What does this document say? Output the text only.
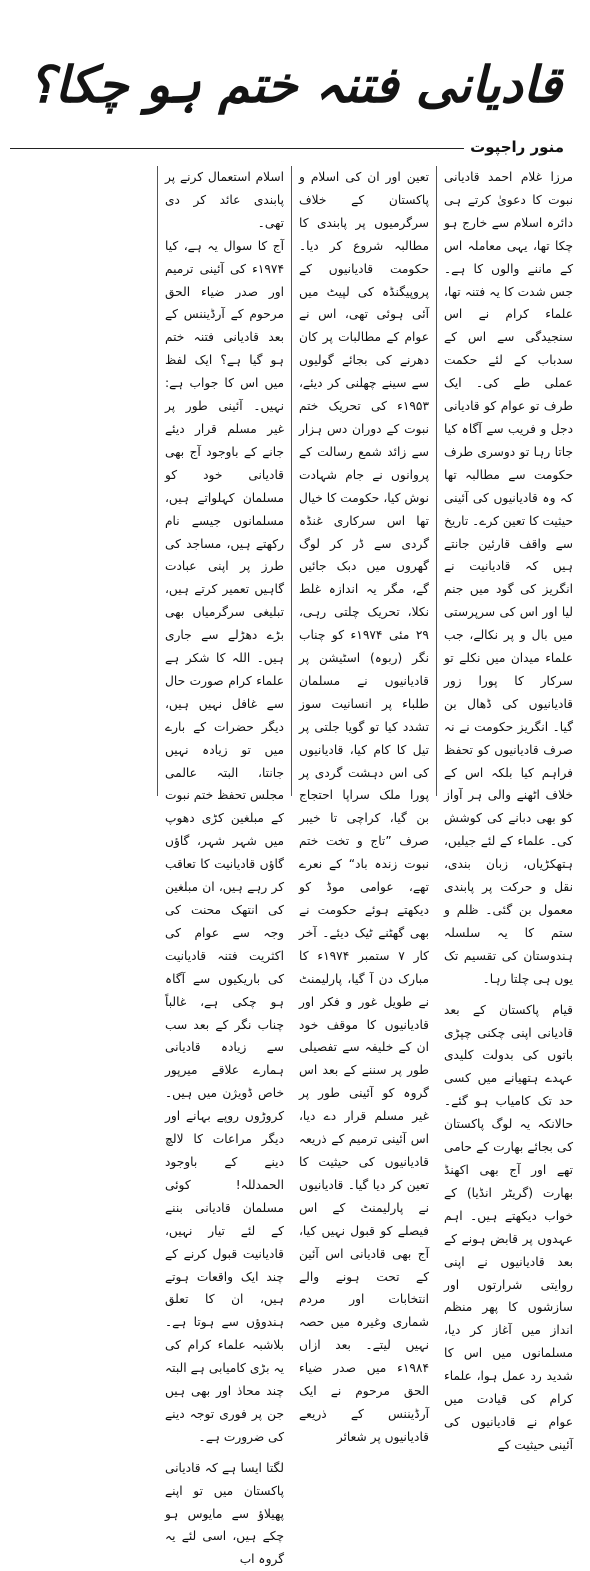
قادیانی فتنہ ختم ہو چکا؟
منور راجپوت

مرزا غلام احمد قادیانی نبوت کا دعویٰ کرتے ہی دائرہ اسلام سے خارج ہو چکا تھا، یہی معاملہ اس کے ماننے والوں کا ہے۔ جس شدت کا یہ فتنہ تھا، علماء کرام نے اس سنجیدگی سے اس کے سدباب کے لئے حکمت عملی طے کی۔ ایک طرف تو عوام کو قادیانی دجل و فریب سے آگاہ کیا جاتا رہا تو دوسری طرف حکومت سے مطالبہ تھا کہ وہ قادیانیوں کی آئینی حیثیت کا تعین کرے۔ تاریخ سے واقف قارئین جانتے ہیں کہ قادیانیت نے انگریز کی گود میں جنم لیا اور اس کی سرپرستی میں بال و پر نکالے، جب علماء میدان میں نکلے تو سرکار کا پورا زور قادیانیوں کی ڈھال بن گیا۔ انگریز حکومت نے نہ صرف قادیانیوں کو تحفظ فراہم کیا بلکہ اس کے خلاف اٹھنے والی ہر آواز کو بھی دبانے کی کوشش کی۔ علماء کے لئے جیلیں، ہتھکڑیاں، زبان بندی، نقل و حرکت پر پابندی معمول بن گئی۔ ظلم و ستم کا یہ سلسلہ ہندوستان کی تقسیم تک یوں ہی چلتا رہا۔

قیام پاکستان کے بعد قادیانی اپنی چکنی چپڑی باتوں کی بدولت کلیدی عہدے ہتھیانے میں کسی حد تک کامیاب ہو گئے۔ حالانکہ یہ لوگ پاکستان کی بجائے بھارت کے حامی تھے اور آج بھی اکھنڈ بھارت (گریٹر انڈیا) کے خواب دیکھتے ہیں۔ اہم عہدوں پر قابض ہونے کے بعد قادیانیوں نے اپنی روایتی شرارتوں اور سازشوں کا پھر منظم انداز میں آغاز کر دیا، مسلمانوں میں اس کا شدید رد عمل ہوا، علماء کرام کی قیادت میں عوام نے قادیانیوں کی آئینی حیثیت کے

تعین اور ان کی اسلام و پاکستان کے خلاف سرگرمیوں پر پابندی کا مطالبہ شروع کر دیا۔ حکومت قادیانیوں کے پروپیگنڈہ کی لپیٹ میں آئی ہوئی تھی، اس نے عوام کے مطالبات پر کان دھرنے کی بجائے گولیوں سے سینے چھلنی کر دیئے، ۱۹۵۳ء کی تحریک ختم نبوت کے دوران دس ہزار سے زائد شمع رسالت کے پروانوں نے جام شہادت نوش کیا، حکومت کا خیال تھا اس سرکاری غنڈہ گردی سے ڈر کر لوگ گھروں میں دبک جائیں گے، مگر یہ اندازہ غلط نکلا، تحریک چلتی رہی، ۲۹ مئی ۱۹۷۴ء کو چناب نگر (ربوہ) اسٹیشن پر قادیانیوں نے مسلمان طلباء پر انسانیت سوز تشدد کیا تو گویا جلتی پر تیل کا کام کیا، قادیانیوں کی اس دہشت گردی پر پورا ملک سراپا احتجاج بن گیا، کراچی تا خیبر صرف ”تاج و تخت ختم نبوت زندہ باد“ کے نعرے تھے، عوامی موڈ کو دیکھتے ہوئے حکومت نے بھی گھٹنے ٹیک دیئے۔ آخر کار ۷ ستمبر ۱۹۷۴ء کا مبارک دن آ گیا، پارلیمنٹ نے طویل غور و فکر اور قادیانیوں کا موقف خود ان کے خلیفہ سے تفصیلی طور پر سننے کے بعد اس گروہ کو آئینی طور پر غیر مسلم قرار دے دیا، اس آئینی ترمیم کے ذریعہ قادیانیوں کی حیثیت کا تعین کر دیا گیا۔ قادیانیوں نے پارلیمنٹ کے اس فیصلے کو قبول نہیں کیا، آج بھی قادیانی اس آئین کے تحت ہونے والے انتخابات اور مردم شماری وغیرہ میں حصہ نہیں لیتے۔ بعد ازاں ۱۹۸۴ء میں صدر ضیاء الحق مرحوم نے ایک آرڈیننس کے ذریعے قادیانیوں پر شعائر

اسلام استعمال کرنے پر پابندی عائد کر دی تھی۔

آج کا سوال یہ ہے، کیا ۱۹۷۴ء کی آئینی ترمیم اور صدر ضیاء الحق مرحوم کے آرڈیننس کے بعد قادیانی فتنہ ختم ہو گیا ہے؟ ایک لفظ میں اس کا جواب ہے: نہیں۔ آئینی طور پر غیر مسلم قرار دیئے جانے کے باوجود آج بھی قادیانی خود کو مسلمان کہلواتے ہیں، مسلمانوں جیسے نام رکھتے ہیں، مساجد کی طرز پر اپنی عبادت گاہیں تعمیر کرتے ہیں، تبلیغی سرگرمیاں بھی بڑے دھڑلے سے جاری ہیں۔ اللہ کا شکر ہے علماء کرام صورت حال سے غافل نہیں ہیں، دیگر حضرات کے بارے میں تو زیادہ نہیں جانتا، البتہ عالمی مجلس تحفظ ختم نبوت کے مبلغین کڑی دھوپ میں شہر شہر، گاؤں گاؤں قادیانیت کا تعاقب کر رہے ہیں، ان مبلغین کی انتھک محنت کی وجہ سے عوام کی اکثریت فتنہ قادیانیت کی باریکیوں سے آگاہ ہو چکی ہے، غالباً چناب نگر کے بعد سب سے زیادہ قادیانی ہمارے علاقے میرپور خاص ڈویژن میں ہیں۔ کروڑوں روپے بہانے اور دیگر مراعات کا لالچ دینے کے باوجود الحمدللہ! کوئی مسلمان قادیانی بننے کے لئے تیار نہیں، قادیانیت قبول کرنے کے چند ایک واقعات ہوتے ہیں، ان کا تعلق ہندوؤں سے ہوتا ہے۔ بلاشبہ علماء کرام کی یہ بڑی کامیابی ہے البتہ چند محاذ اور بھی ہیں جن پر فوری توجہ دینے کی ضرورت ہے۔

لگتا ایسا ہے کہ قادیانی پاکستان میں تو اپنے پھیلاؤ سے مایوس ہو چکے ہیں، اسی لئے یہ گروہ اب
